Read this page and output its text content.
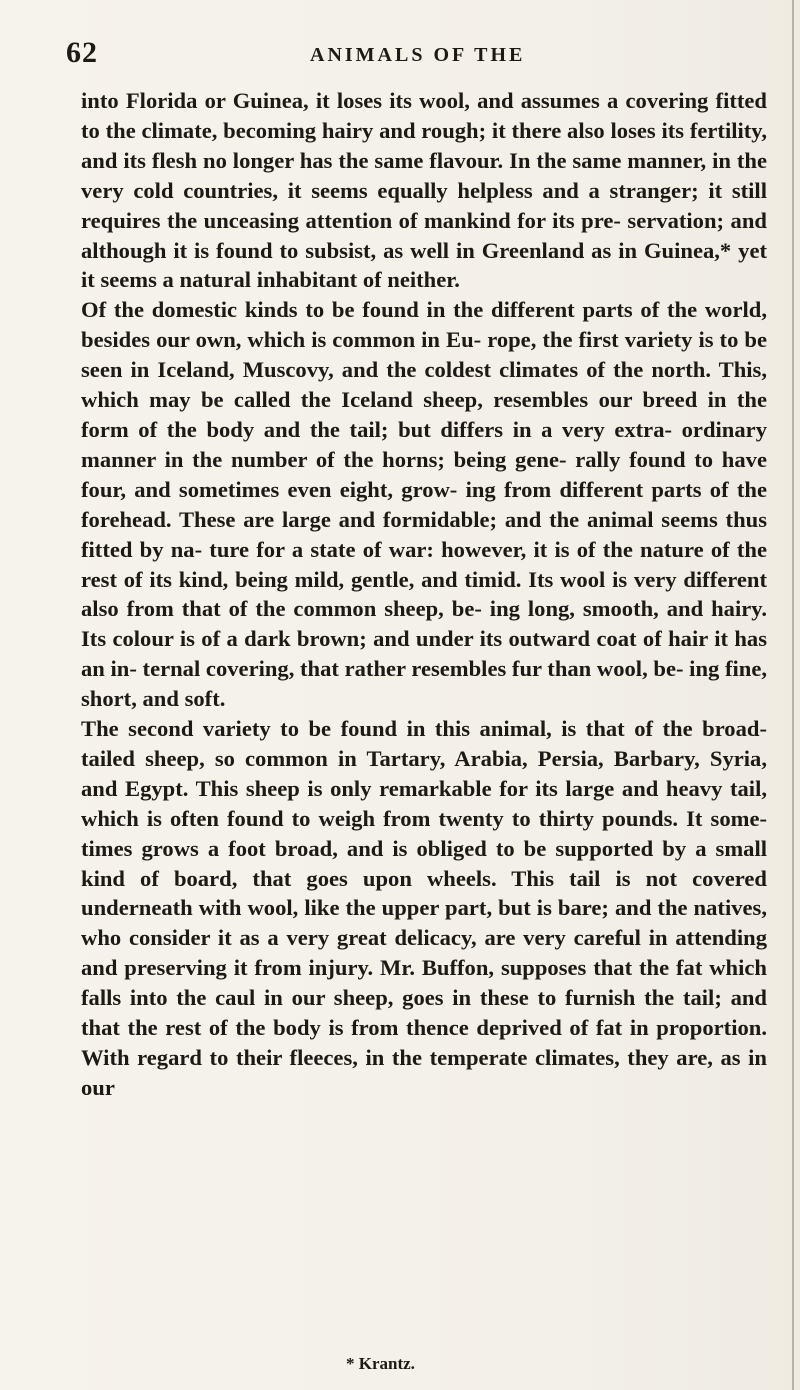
62	ANIMALS OF THE
into Florida or Guinea, it loses its wool, and assumes a covering fitted to the climate, becoming hairy and rough; it there also loses its fertility, and its flesh no longer has the same flavour. In the same manner, in the very cold countries, it seems equally helpless and a stranger; it still requires the unceasing attention of mankind for its pre- servation; and although it is found to subsist, as well in Greenland as in Guinea,* yet it seems a natural inhabitant of neither.
Of the domestic kinds to be found in the different parts of the world, besides our own, which is common in Eu- rope, the first variety is to be seen in Iceland, Muscovy, and the coldest climates of the north. This, which may be called the Iceland sheep, resembles our breed in the form of the body and the tail; but differs in a very extra- ordinary manner in the number of the horns; being gene- rally found to have four, and sometimes even eight, grow- ing from different parts of the forehead. These are large and formidable; and the animal seems thus fitted by na- ture for a state of war: however, it is of the nature of the rest of its kind, being mild, gentle, and timid. Its wool is very different also from that of the common sheep, be- ing long, smooth, and hairy. Its colour is of a dark brown; and under its outward coat of hair it has an in- ternal covering, that rather resembles fur than wool, be- ing fine, short, and soft.
The second variety to be found in this animal, is that of the broad-tailed sheep, so common in Tartary, Arabia, Persia, Barbary, Syria, and Egypt. This sheep is only remarkable for its large and heavy tail, which is often found to weigh from twenty to thirty pounds. It some- times grows a foot broad, and is obliged to be supported by a small kind of board, that goes upon wheels. This tail is not covered underneath with wool, like the upper part, but is bare; and the natives, who consider it as a very great delicacy, are very careful in attending and preserving it from injury. Mr. Buffon, supposes that the fat which falls into the caul in our sheep, goes in these to furnish the tail; and that the rest of the body is from thence deprived of fat in proportion. With regard to their fleeces, in the temperate climates, they are, as in our
* Krantz.
